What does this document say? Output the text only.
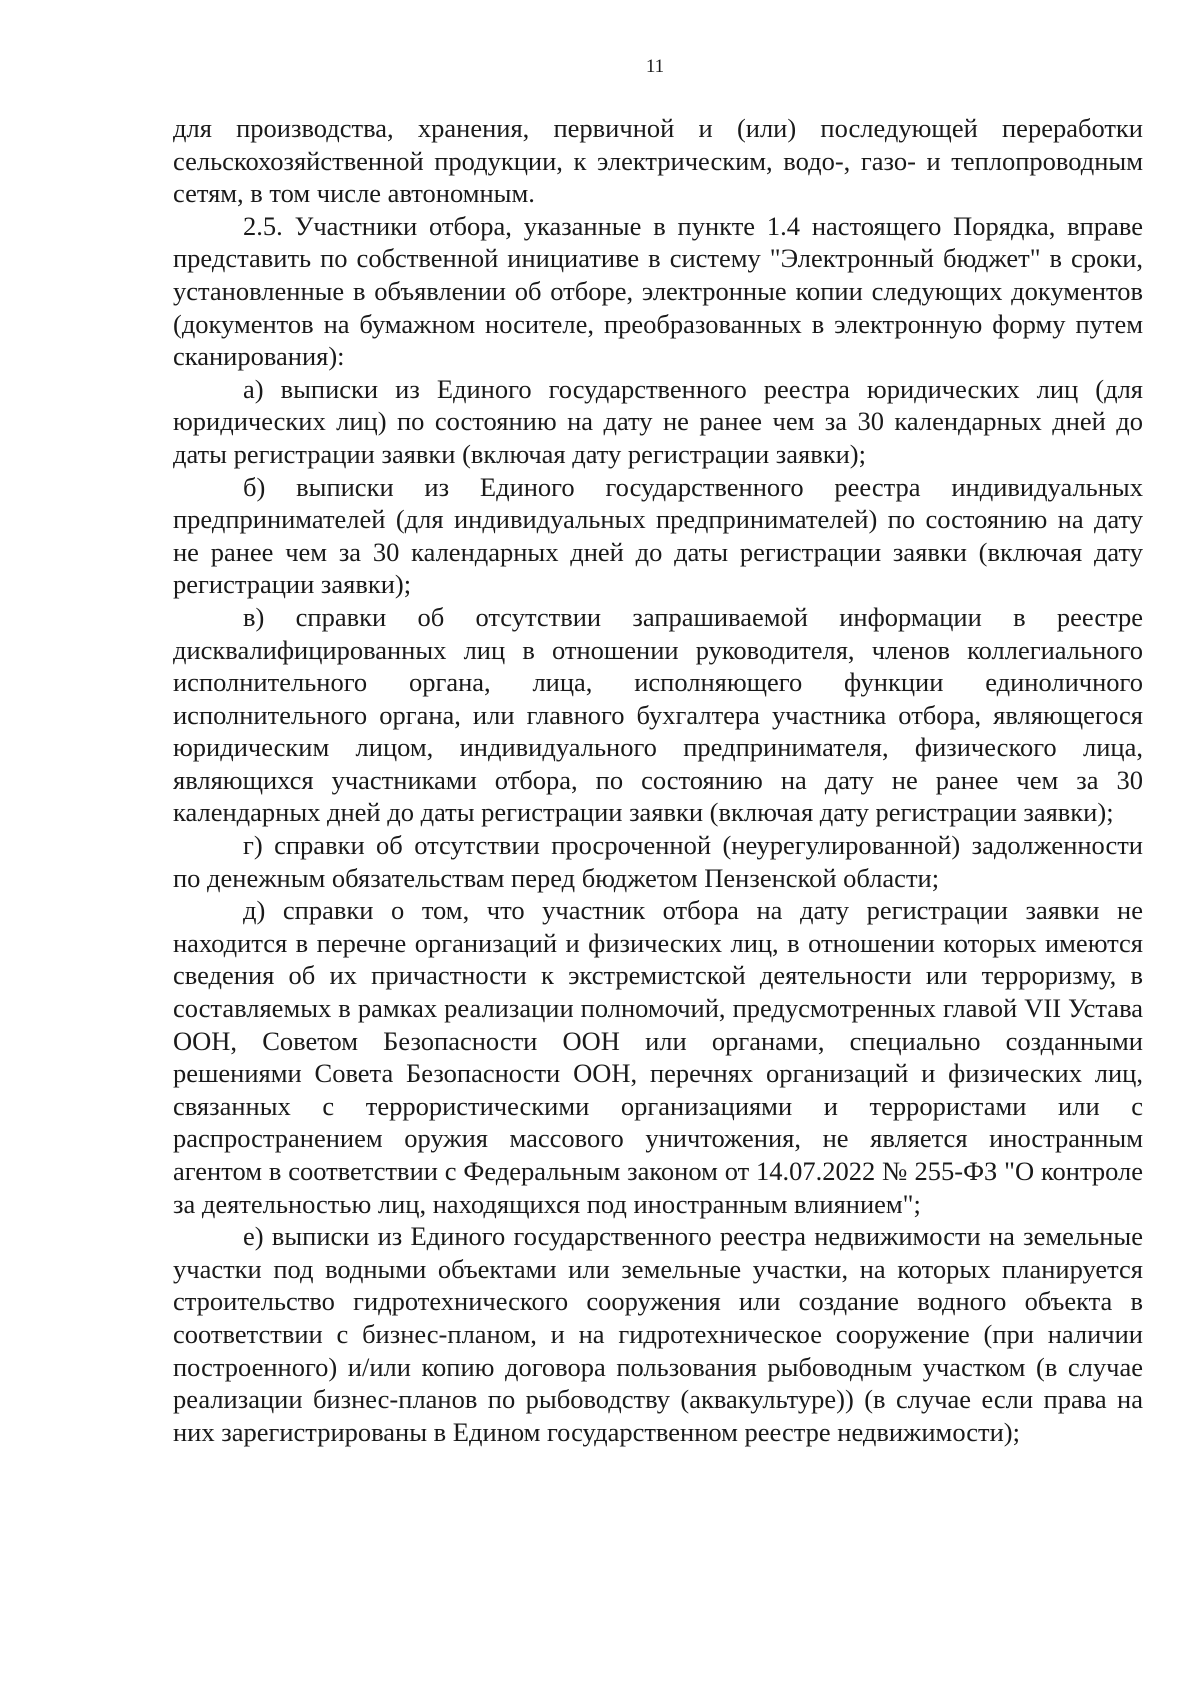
11

для производства, хранения, первичной и (или) последующей переработки сельскохозяйственной продукции, к электрическим, водо-, газо- и теплопроводным сетям, в том числе автономным.

2.5. Участники отбора, указанные в пункте 1.4 настоящего Порядка, вправе представить по собственной инициативе в систему "Электронный бюджет" в сроки, установленные в объявлении об отборе, электронные копии следующих документов (документов на бумажном носителе, преобразованных в электронную форму путем сканирования):

а) выписки из Единого государственного реестра юридических лиц (для юридических лиц) по состоянию на дату не ранее чем за 30 календарных дней до даты регистрации заявки (включая дату регистрации заявки);

б) выписки из Единого государственного реестра индивидуальных предпринимателей (для индивидуальных предпринимателей) по состоянию на дату не ранее чем за 30 календарных дней до даты регистрации заявки (включая дату регистрации заявки);

в) справки об отсутствии запрашиваемой информации в реестре дисквалифицированных лиц в отношении руководителя, членов коллегиального исполнительного органа, лица, исполняющего функции единоличного исполнительного органа, или главного бухгалтера участника отбора, являющегося юридическим лицом, индивидуального предпринимателя, физического лица, являющихся участниками отбора, по состоянию на дату не ранее чем за 30 календарных дней до даты регистрации заявки (включая дату регистрации заявки);

г) справки об отсутствии просроченной (неурегулированной) задолженности по денежным обязательствам перед бюджетом Пензенской области;

д) справки о том, что участник отбора на дату регистрации заявки не находится в перечне организаций и физических лиц, в отношении которых имеются сведения об их причастности к экстремистской деятельности или терроризму, в составляемых в рамках реализации полномочий, предусмотренных главой VII Устава ООН, Советом Безопасности ООН или органами, специально созданными решениями Совета Безопасности ООН, перечнях организаций и физических лиц, связанных с террористическими организациями и террористами или с распространением оружия массового уничтожения, не является иностранным агентом в соответствии с Федеральным законом от 14.07.2022 № 255-ФЗ "О контроле за деятельностью лиц, находящихся под иностранным влиянием";

е) выписки из Единого государственного реестра недвижимости на земельные участки под водными объектами или земельные участки, на которых планируется строительство гидротехнического сооружения или создание водного объекта в соответствии с бизнес-планом, и на гидротехническое сооружение (при наличии построенного) и/или копию договора пользования рыбоводным участком (в случае реализации бизнес-планов по рыбоводству (аквакультуре)) (в случае если права на них зарегистрированы в Едином государственном реестре недвижимости);
